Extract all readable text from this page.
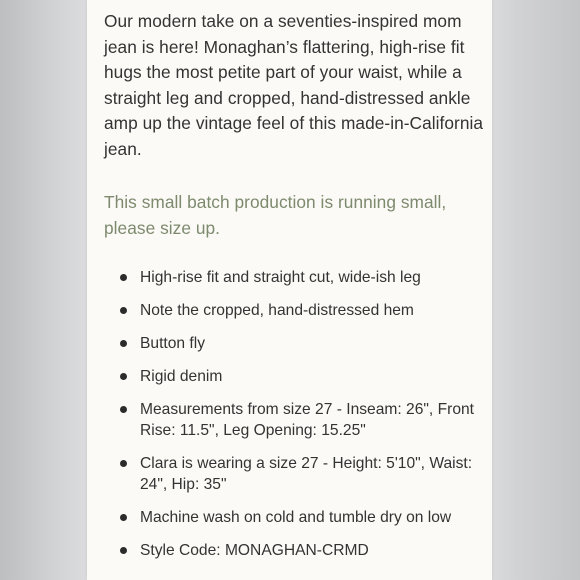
Our modern take on a seventies-inspired mom jean is here! Monaghan’s flattering, high-rise fit hugs the most petite part of your waist, while a straight leg and cropped, hand-distressed ankle amp up the vintage feel of this made-in-California jean.

This small batch production is running small, please size up.

High-rise fit and straight cut, wide-ish leg
Note the cropped, hand-distressed hem
Button fly
Rigid denim
Measurements from size 27 - Inseam: 26", Front Rise: 11.5", Leg Opening: 15.25"
Clara is wearing a size 27 - Height: 5'10", Waist: 24", Hip: 35"
Machine wash on cold and tumble dry on low
Style Code: MONAGHAN-CRMD
